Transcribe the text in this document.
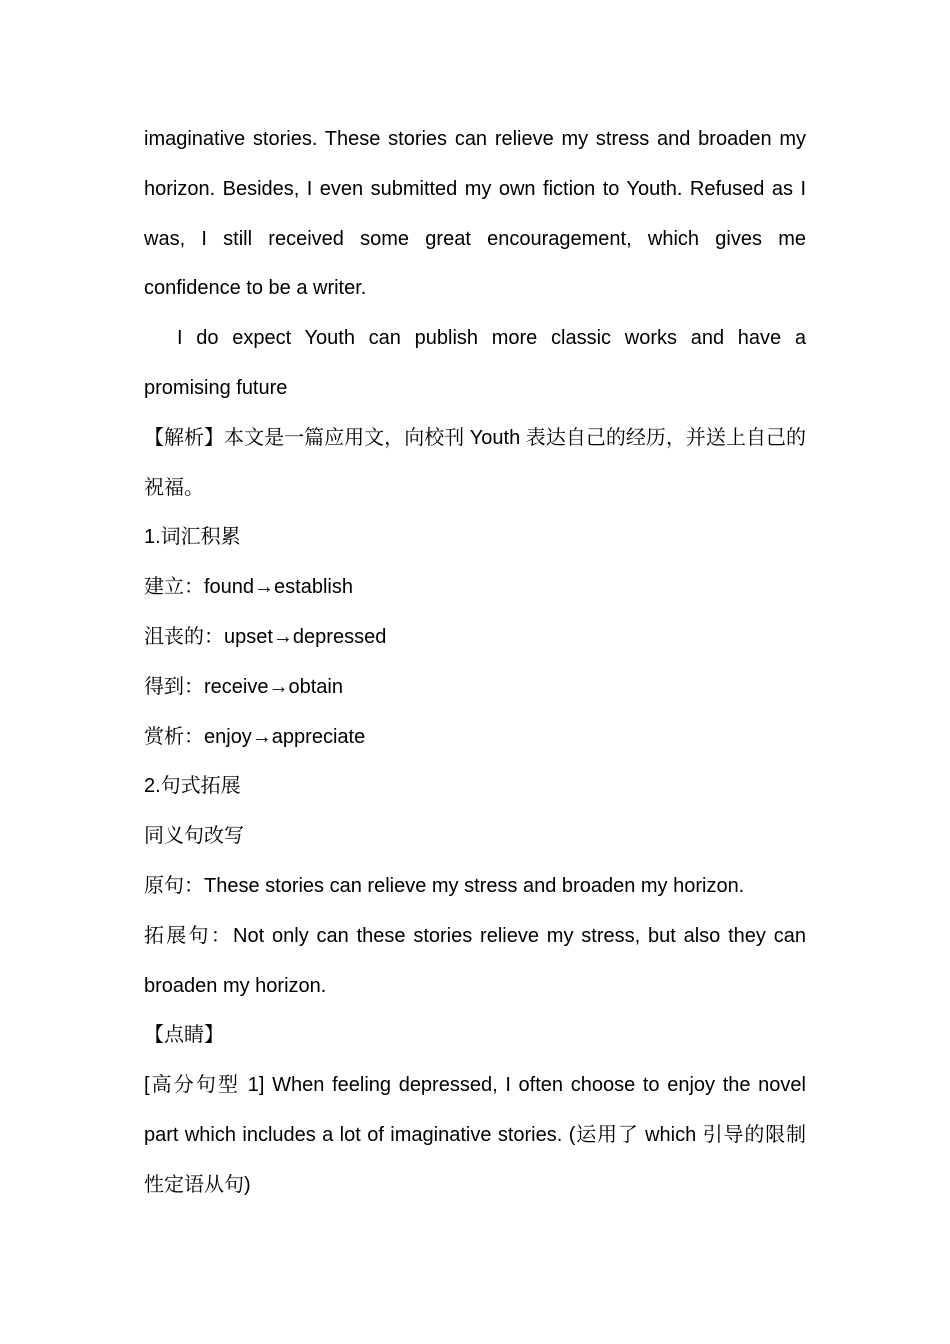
imaginative stories. These stories can relieve my stress and broaden my horizon. Besides, I even submitted my own fiction to Youth. Refused as I was, I still received some great encouragement, which gives me confidence to be a writer.

I do expect Youth can publish more classic works and have a promising future

【解析】本文是一篇应用文，向校刊 Youth 表达自己的经历，并送上自己的祝福。

1.词汇积累

建立：found→establish

沮丧的：upset→depressed

得到：receive→obtain

赏析：enjoy→appreciate

2.句式拓展

同义句改写

原句：These stories can relieve my stress and broaden my horizon.

拓展句：Not only can these stories relieve my stress, but also they can broaden my horizon.

【点睛】

[高分句型 1] When feeling depressed, I often choose to enjoy the novel part which includes a lot of imaginative stories. (运用了 which 引导的限制性定语从句)
